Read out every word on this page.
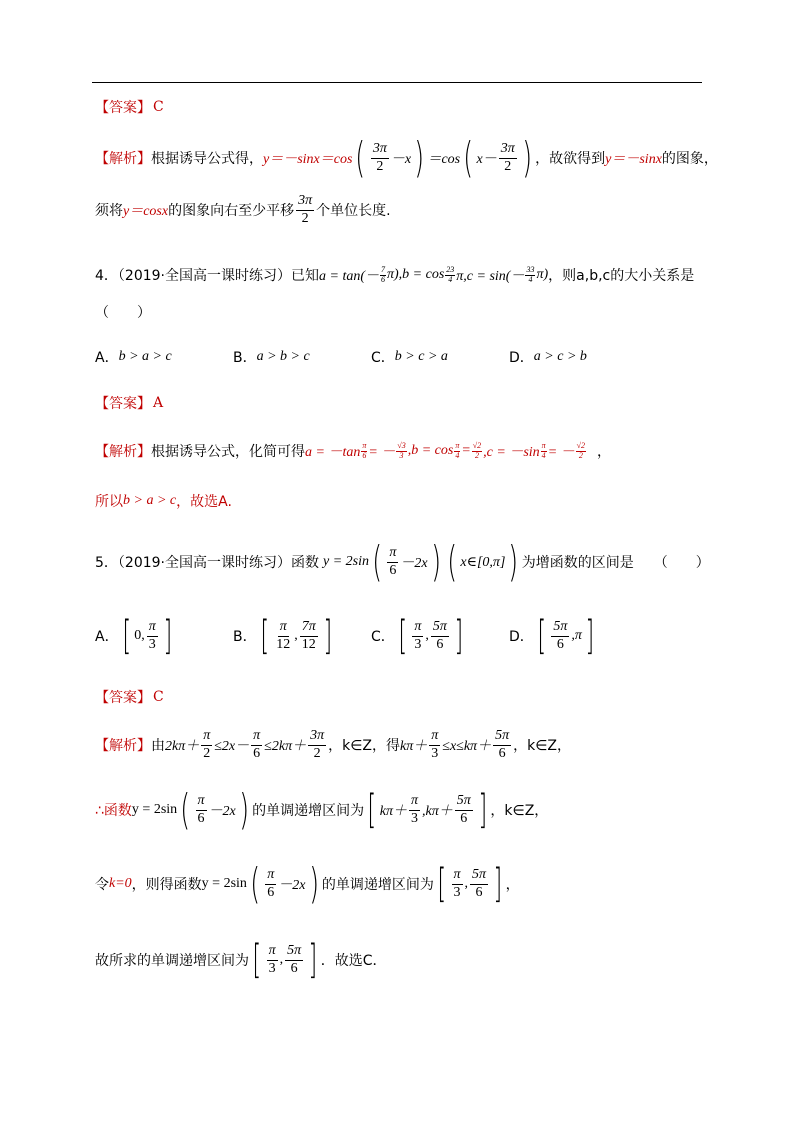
【答案】 C
【解析】 根据诱导公式得， y＝－sinx＝cos ( $\frac{3\pi}{2} -x$ ) ＝cos ( $x- \frac{3\pi}{2}$ ) ，故欲得到 y＝－sinx 的图象，
须将 y＝cosx 的图象向右至少平移 $\frac{3\pi}{2}$ 个单位长度.
4．（2019·全国高一课时练习）已知 $a = \tan(- \frac{7}{6} \pi),b = \cos \frac{23}{4} \pi,c = \sin(- \frac{33}{4} \pi)$ ，则a,b,c的大小关系是
（　　）
A． b > a > c	B． a > b > c	C． b > c > a	D． a > c > b
【答案】 A
【解析】 根据诱导公式，化简可得 $a = -\tan \frac{\pi}{6}$ = － $\frac{√3}{3} ,b = \cos \frac{\pi}{4} = \frac{√2}{2} ,c = -\sin \frac{\pi}{4}$ = － $\frac{√2}{2}$ ，
所以 b > a > c ，故选A.
5．（2019·全国高一课时练习）函数 y = 2sin ( $\frac{\pi}{6} -2x$ ) ( x∈[0,π] ) 为增函数的区间是 （　　）
A． [ 0, $\frac{\pi}{3}$ ]	B． [ $\frac{\pi}{12}$ , $\frac{7\pi}{12}$ ]	C． [ $\frac{\pi}{3}$ , $\frac{5\pi}{6}$ ]	D． [ $\frac{5\pi}{6} ,\pi$ ]
【答案】 C
【解析】 由 $2k\pi+ \frac{\pi}{2} \le 2x- \frac{\pi}{6} \le 2k\pi+ \frac{3\pi}{2}$ ，k∈Z，得 $k\pi+ \frac{\pi}{3} \le x\le k\pi+ \frac{5\pi}{6}$ ，k∈Z，
∴函数 y = 2sin ( $\frac{\pi}{6} -2x$ ) 的单调递增区间为 [ $k\pi+ \frac{\pi}{3} ,k\pi+ \frac{5\pi}{6}$ ] ，k∈Z，
令 k=0 ，则得函数 y = 2sin ( $\frac{\pi}{6} -2x$ ) 的单调递增区间为 [ $\frac{\pi}{3}$ , $\frac{5\pi}{6}$ ] ，
故所求的单调递增区间为 [ $\frac{\pi}{3}$ , $\frac{5\pi}{6}$ ] ．故选C．
